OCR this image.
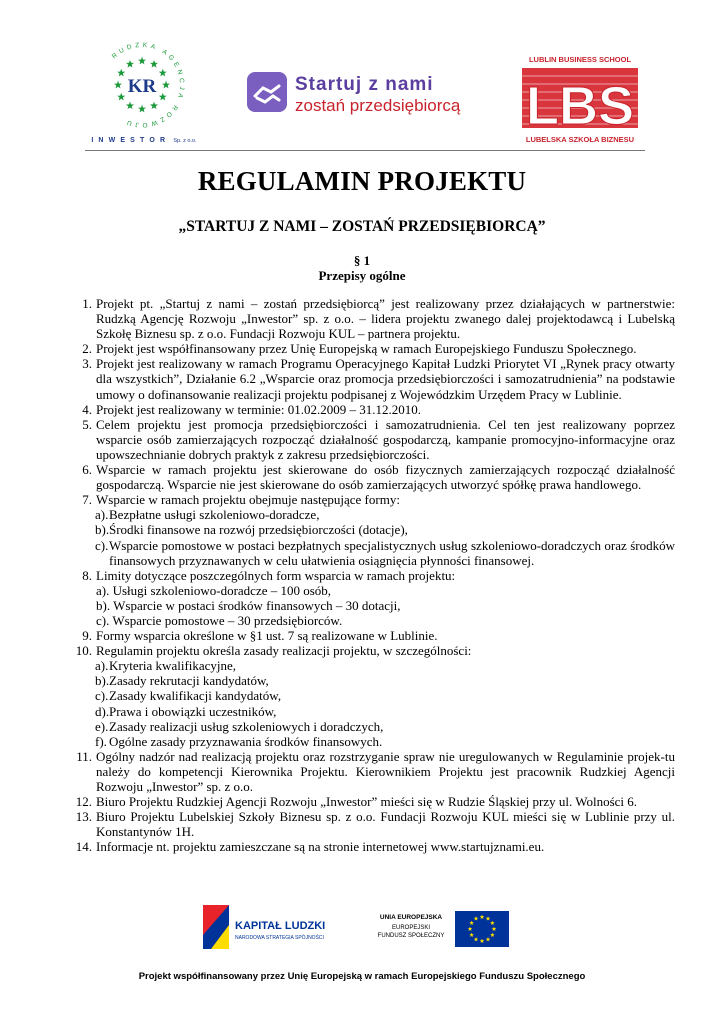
RUDZKA AGENCJA ROZWOJU
KR
I N W E S T O R Sp. z o.o.
Startuj z nami
zostań przedsiębiorcą
LUBLIN BUSINESS SCHOOL
LBS
LUBELSKA SZKOŁA BIZNESU
REGULAMIN PROJEKTU
„STARTUJ Z NAMI – ZOSTAŃ PRZEDSIĘBIORCĄ”
§ 1
Przepisy ogólne
1. Projekt pt. „Startuj z nami – zostań przedsiębiorcą” jest realizowany przez działających w partnerstwie: Rudzką Agencję Rozwoju „Inwestor” sp. z o.o. – lidera projektu zwanego dalej projektodawcą i Lubelską Szkołę Biznesu sp. z o.o. Fundacji Rozwoju KUL – partnera projektu.
2. Projekt jest współfinansowany przez Unię Europejską w ramach Europejskiego Funduszu Społecznego.
3. Projekt jest realizowany w ramach Programu Operacyjnego Kapitał Ludzki Priorytet VI „Rynek pracy otwarty dla wszystkich”, Działanie 6.2 „Wsparcie oraz promocja przedsiębiorczości i samozatrudnienia” na podstawie umowy o dofinansowanie realizacji projektu podpisanej z Wojewódzkim Urzędem Pracy w Lublinie.
4. Projekt jest realizowany w terminie: 01.02.2009 – 31.12.2010.
5. Celem projektu jest promocja przedsiębiorczości i samozatrudnienia. Cel ten jest realizowany poprzez wsparcie osób zamierzających rozpocząć działalność gospodarczą, kampanie promocyjno-informacyjne oraz upowszechnianie dobrych praktyk z zakresu przedsiębiorczości.
6. Wsparcie w ramach projektu jest skierowane do osób fizycznych zamierzających rozpocząć działalność gospodarczą. Wsparcie nie jest skierowane do osób zamierzających utworzyć spółkę prawa handlowego.
7. Wsparcie w ramach projektu obejmuje następujące formy:
a). Bezpłatne usługi szkoleniowo-doradcze,
b). Środki finansowe na rozwój przedsiębiorczości (dotacje),
c). Wsparcie pomostowe w postaci bezpłatnych specjalistycznych usług szkoleniowo-doradczych oraz środków finansowych przyznawanych w celu ułatwienia osiągnięcia płynności finansowej.
8. Limity dotyczące poszczególnych form wsparcia w ramach projektu:
a). Usługi szkoleniowo-doradcze – 100 osób,
b). Wsparcie w postaci środków finansowych – 30 dotacji,
c). Wsparcie pomostowe – 30 przedsiębiorców.
9. Formy wsparcia określone w §1 ust. 7 są realizowane w Lublinie.
10. Regulamin projektu określa zasady realizacji projektu, w szczególności:
a). Kryteria kwalifikacyjne,
b). Zasady rekrutacji kandydatów,
c). Zasady kwalifikacji kandydatów,
d). Prawa i obowiązki uczestników,
e). Zasady realizacji usług szkoleniowych i doradczych,
f). Ogólne zasady przyznawania środków finansowych.
11. Ogólny nadzór nad realizacją projektu oraz rozstrzyganie spraw nie uregulowanych w Regulaminie projek-tu należy do kompetencji Kierownika Projektu. Kierownikiem Projektu jest pracownik Rudzkiej Agencji Rozwoju „Inwestor” sp. z o.o.
12. Biuro Projektu Rudzkiej Agencji Rozwoju „Inwestor” mieści się w Rudzie Śląskiej przy ul. Wolności 6.
13. Biuro Projektu Lubelskiej Szkoły Biznesu sp. z o.o. Fundacji Rozwoju KUL mieści się w Lublinie przy ul. Konstantynów 1H.
14. Informacje nt. projektu zamieszczane są na stronie internetowej www.startujznami.eu.
KAPITAŁ LUDZKI
NARODOWA STRATEGIA SPÓJNOŚCI
UNIA EUROPEJSKA
EUROPEJSKI
FUNDUSZ SPOŁECZNY
Projekt współfinansowany przez Unię Europejską w ramach Europejskiego Funduszu Społecznego
